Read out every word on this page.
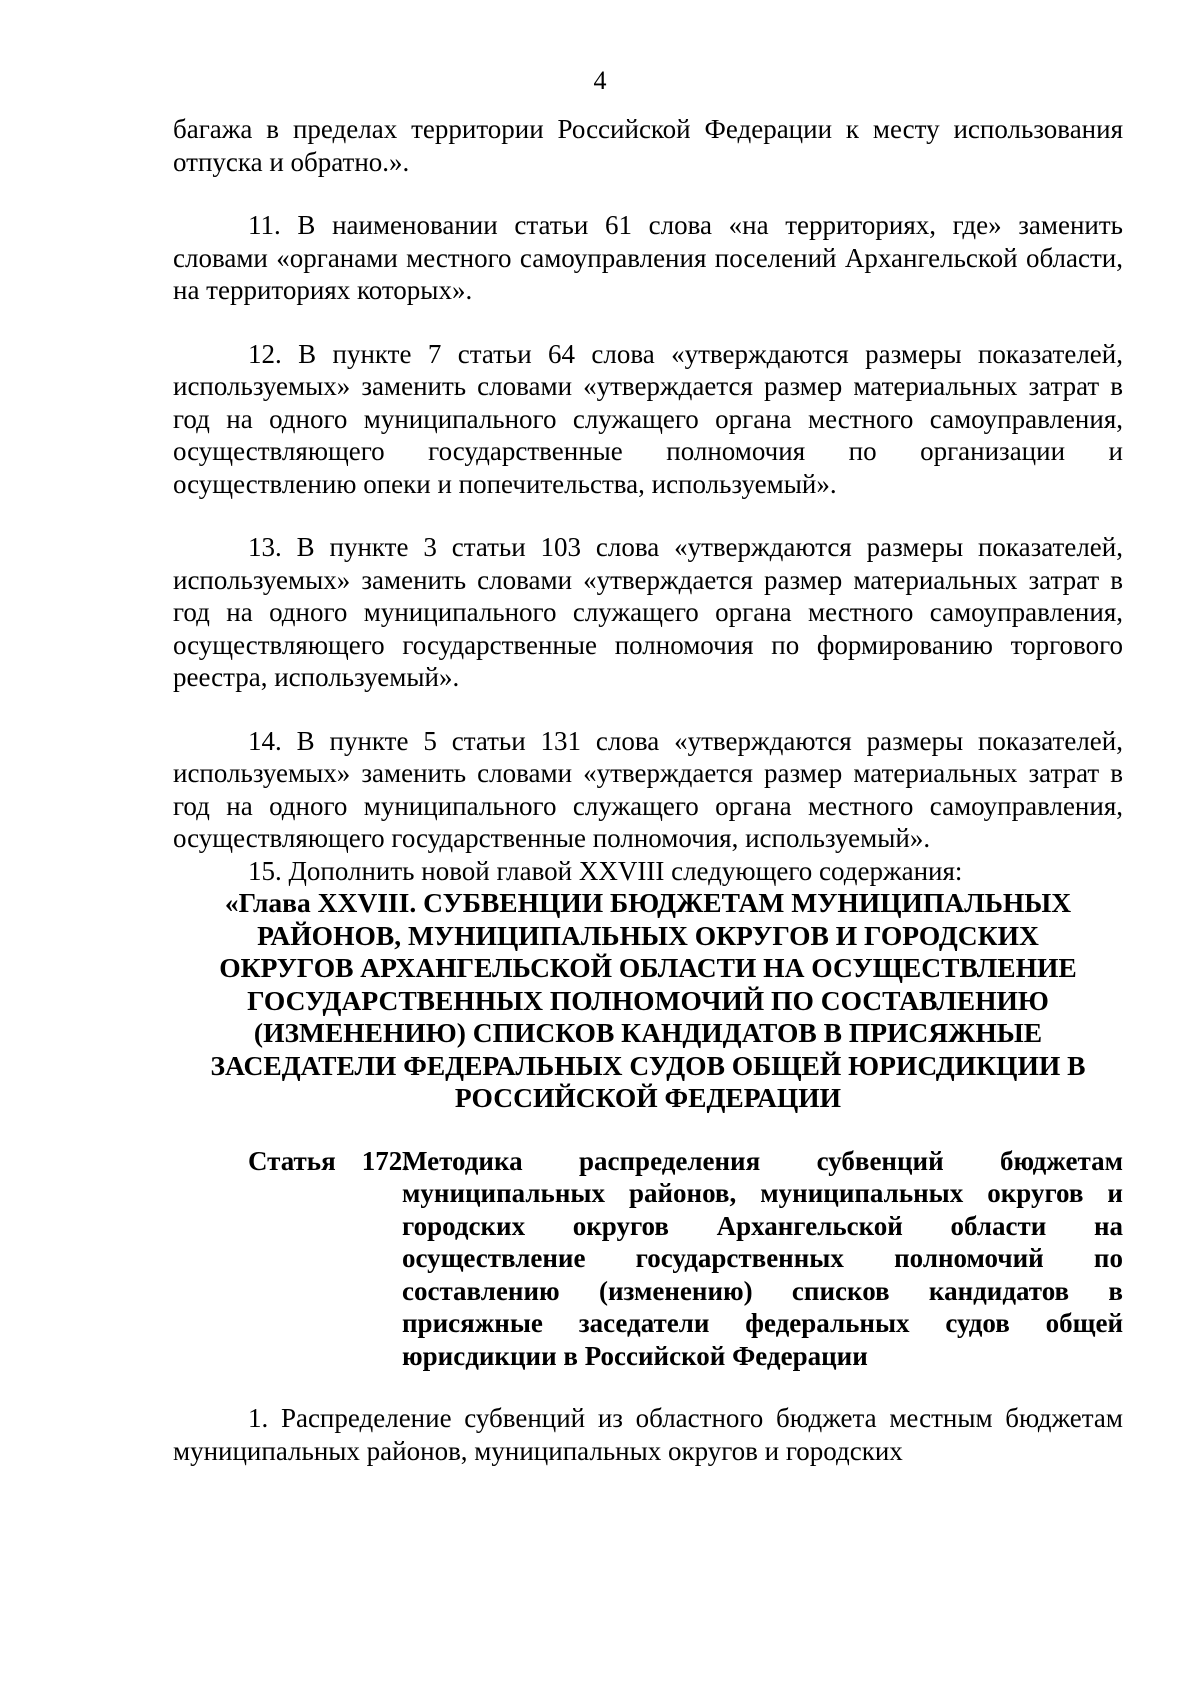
4

багажа в пределах территории Российской Федерации к месту использования отпуска и обратно.».

11. В наименовании статьи 61 слова «на территориях, где» заменить словами «органами местного самоуправления поселений Архангельской области, на территориях которых».

12. В пункте 7 статьи 64 слова «утверждаются размеры показателей, используемых» заменить словами «утверждается размер материальных затрат в год на одного муниципального служащего органа местного самоуправления, осуществляющего государственные полномочия по организации и осуществлению опеки и попечительства, используемый».

13. В пункте 3 статьи 103 слова «утверждаются размеры показателей, используемых» заменить словами «утверждается размер материальных затрат в год на одного муниципального служащего органа местного самоуправления, осуществляющего государственные полномочия по формированию торгового реестра, используемый».

14. В пункте 5 статьи 131 слова «утверждаются размеры показателей, используемых» заменить словами «утверждается размер материальных затрат в год на одного муниципального служащего органа местного самоуправления, осуществляющего государственные полномочия, используемый».

15. Дополнить новой главой XXVIII следующего содержания:

«Глава XXVIII. СУБВЕНЦИИ БЮДЖЕТАМ МУНИЦИПАЛЬНЫХ РАЙОНОВ, МУНИЦИПАЛЬНЫХ ОКРУГОВ И ГОРОДСКИХ ОКРУГОВ АРХАНГЕЛЬСКОЙ ОБЛАСТИ НА ОСУЩЕСТВЛЕНИЕ ГОСУДАРСТВЕННЫХ ПОЛНОМОЧИЙ ПО СОСТАВЛЕНИЮ (ИЗМЕНЕНИЮ) СПИСКОВ КАНДИДАТОВ В ПРИСЯЖНЫЕ ЗАСЕДАТЕЛИ ФЕДЕРАЛЬНЫХ СУДОВ ОБЩЕЙ ЮРИСДИКЦИИ В РОССИЙСКОЙ ФЕДЕРАЦИИ

Статья 172.
Методика распределения субвенций бюджетам муниципальных районов, муниципальных округов и городских округов Архангельской области на осуществление государственных полномочий по составлению (изменению) списков кандидатов в присяжные заседатели федеральных судов общей юрисдикции в Российской Федерации

1. Распределение субвенций из областного бюджета местным бюджетам муниципальных районов, муниципальных округов и городских
